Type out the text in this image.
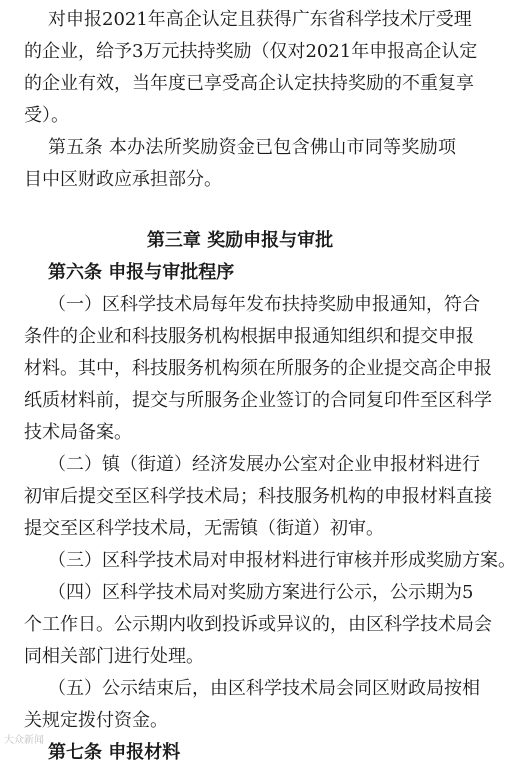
对申报2021年高企认定且获得广东省科学技术厅受理
的企业，给予3万元扶持奖励（仅对2021年申报高企认定
的企业有效，当年度已享受高企认定扶持奖励的不重复享
受）。
第五条 本办法所奖励资金已包含佛山市同等奖励项
目中区财政应承担部分。
第三章 奖励申报与审批
第六条 申报与审批程序
（一）区科学技术局每年发布扶持奖励申报通知，符合
条件的企业和科技服务机构根据申报通知组织和提交申报
材料。其中，科技服务机构须在所服务的企业提交高企申报
纸质材料前，提交与所服务企业签订的合同复印件至区科学
技术局备案。
（二）镇（街道）经济发展办公室对企业申报材料进行
初审后提交至区科学技术局；科技服务机构的申报材料直接
提交至区科学技术局，无需镇（街道）初审。
（三）区科学技术局对申报材料进行审核并形成奖励方案。
（四）区科学技术局对奖励方案进行公示，公示期为5
个工作日。公示期内收到投诉或异议的，由区科学技术局会
同相关部门进行处理。
（五）公示结束后，由区科学技术局会同区财政局按相
关规定拨付资金。
第七条 申报材料
大众新闻
